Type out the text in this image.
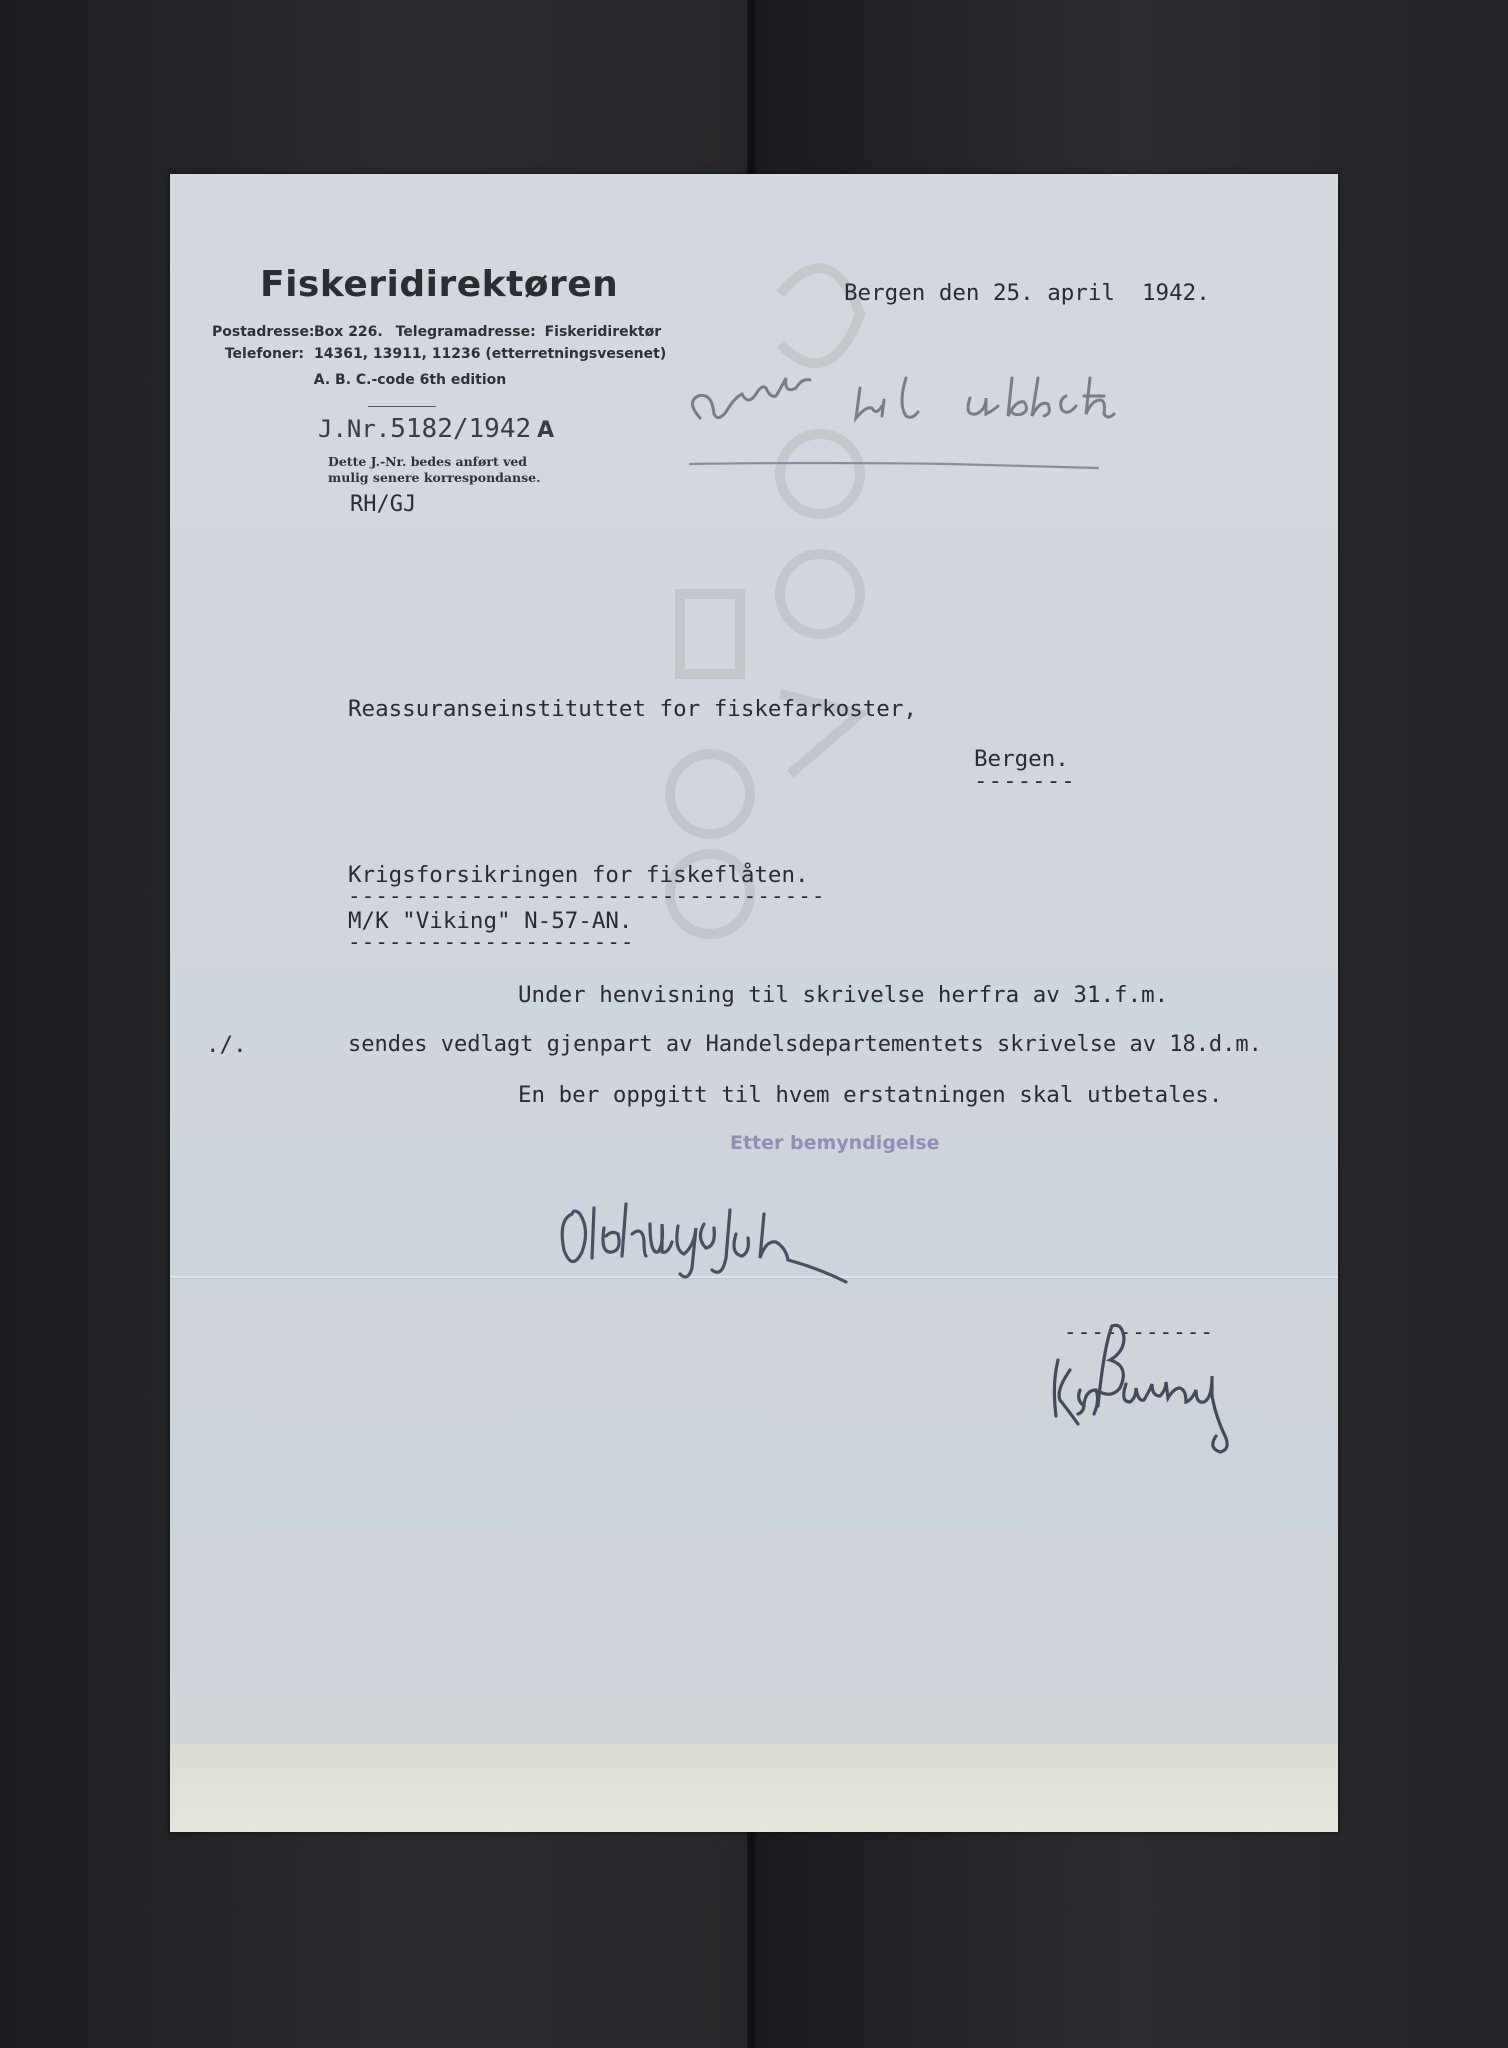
Fiskeridirektøren
Postadresse:Box 226. Telegramadresse: Fiskeridirektør
Telefoner: 14361, 13911, 11236 (etterretningsvesenet)
A. B. C.-code 6th edition
J.Nr.5182/1942 A
Dette J.-Nr. bedes anført ved
mulig senere korrespondanse.
RH/GJ
Bergen den 25. april  1942.
Reassuranseinstituttet for fiskefarkoster,
Bergen.
-------
Krigsforsikringen for fiskeflåten.
-----------------------------------
M/K "Viking" N-57-AN.
---------------------
Under henvisning til skrivelse herfra av 31.f.m.
./.	sendes vedlagt gjenpart av Handelsdepartementets skrivelse av 18.d.m.
En ber oppgitt til hvem erstatningen skal utbetales.
Etter bemyndigelse
-----------
